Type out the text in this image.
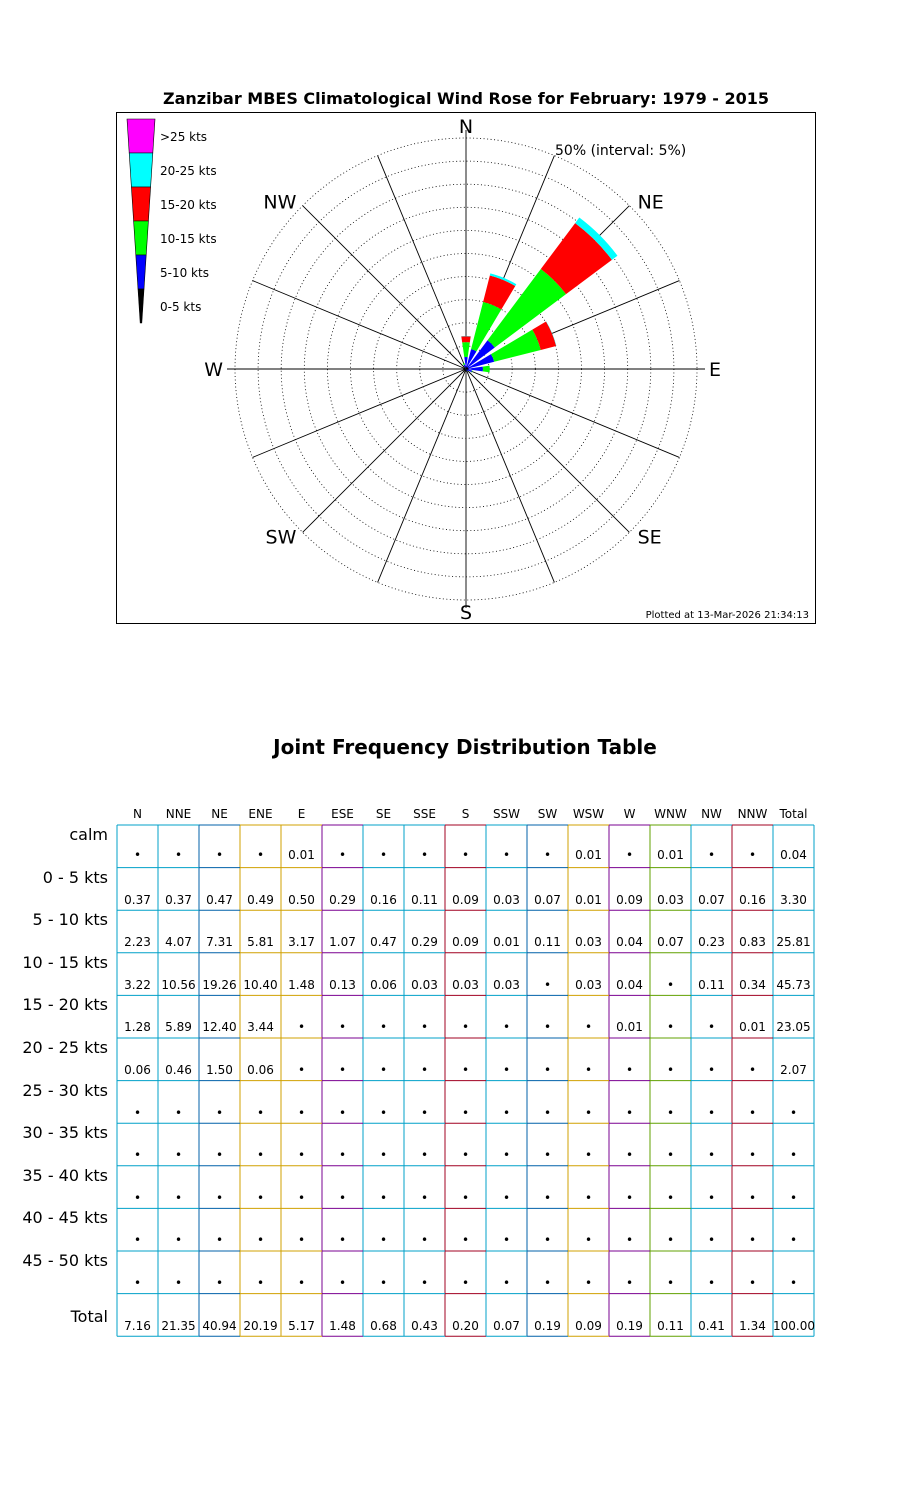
Zanzibar MBES Climatological Wind Rose for February: 1979 - 2015
N
NE
E
SE
S
SW
W
NW
50% (interval: 5%)
>25 kts
20-25 kts
15-20 kts
10-15 kts
5-10 kts
0-5 kts
Plotted at 13-Mar-2026 21:34:13
Joint Frequency Distribution Table
N	NNE	NE	ENE	E	ESE	SE	SSE	S	SSW	SW	WSW	W	WNW	NW	NNW	Total
calm
•	•	•	•	0.01	•	•	•	•	•	•	0.01	•	0.01	•	•	0.04
0 - 5 kts
0.37	0.37	0.47	0.49	0.50	0.29	0.16	0.11	0.09	0.03	0.07	0.01	0.09	0.03	0.07	0.16	3.30
5 - 10 kts
2.23	4.07	7.31	5.81	3.17	1.07	0.47	0.29	0.09	0.01	0.11	0.03	0.04	0.07	0.23	0.83 25.81
10 - 15 kts
3.22 10.56 19.26 10.40 1.48	0.13	0.06	0.03	0.03	0.03	•	0.03	0.04	•	0.11	0.34 45.73
15 - 20 kts
1.28	5.89 12.40 3.44	•	•	•	•	•	•	•	•	0.01	•	•	0.01 23.05
20 - 25 kts
0.06	0.46	1.50	0.06	•	•	•	•	•	•	•	•	•	•	•	•	2.07
25 - 30 kts
•	•	•	•	•	•	•	•	•	•	•	•	•	•	•	•	•
30 - 35 kts
•	•	•	•	•	•	•	•	•	•	•	•	•	•	•	•	•
35 - 40 kts
•	•	•	•	•	•	•	•	•	•	•	•	•	•	•	•	•
40 - 45 kts
•	•	•	•	•	•	•	•	•	•	•	•	•	•	•	•	•
45 - 50 kts
•	•	•	•	•	•	•	•	•	•	•	•	•	•	•	•	•
Total	7.16 21.35 40.94 20.19 5.17	1.48	0.68	0.43	0.20	0.07	0.19	0.09	0.19	0.11	0.41	1.34 100.00
